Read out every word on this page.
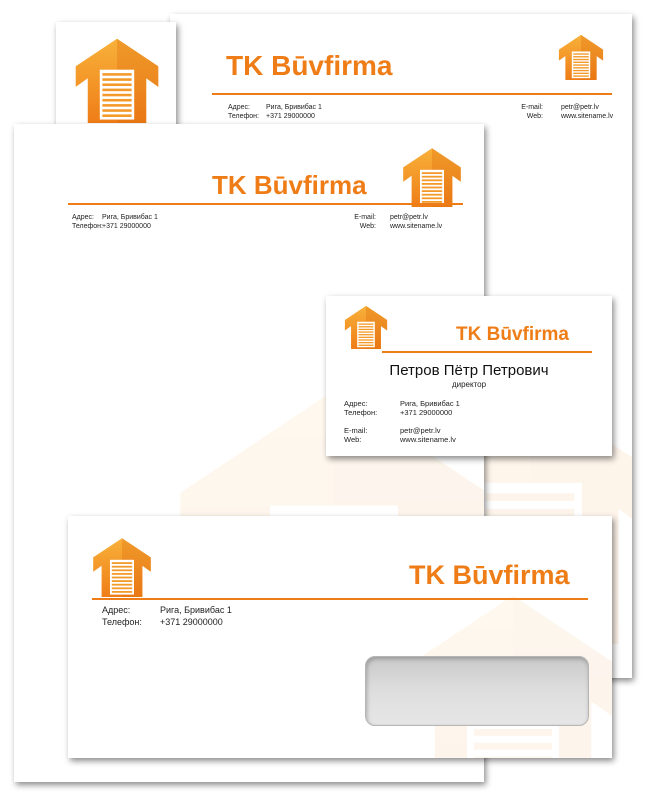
TK Būvfirma
Адрес: Рига, Бривибас 1
Телефон: +371 29000000
E-mail:	petr@petr.lv
Web:	www.sitename.lv
TK Būvfirma
Адрес: Рига, Бривибас 1
Телефон:+371 29000000
E-mail: petr@petr.lv
Web: www.sitename.lv
TK Būvfirma
Петров Пётр Петрович
директор
Адрес:	Рига, Бривибас 1
Телефон:	+371 29000000
E-mail:	petr@petr.lv
Web:	www.sitename.lv
TK Būvfirma
Адрес:	Рига, Бривибас 1
Телефон: +371 29000000
